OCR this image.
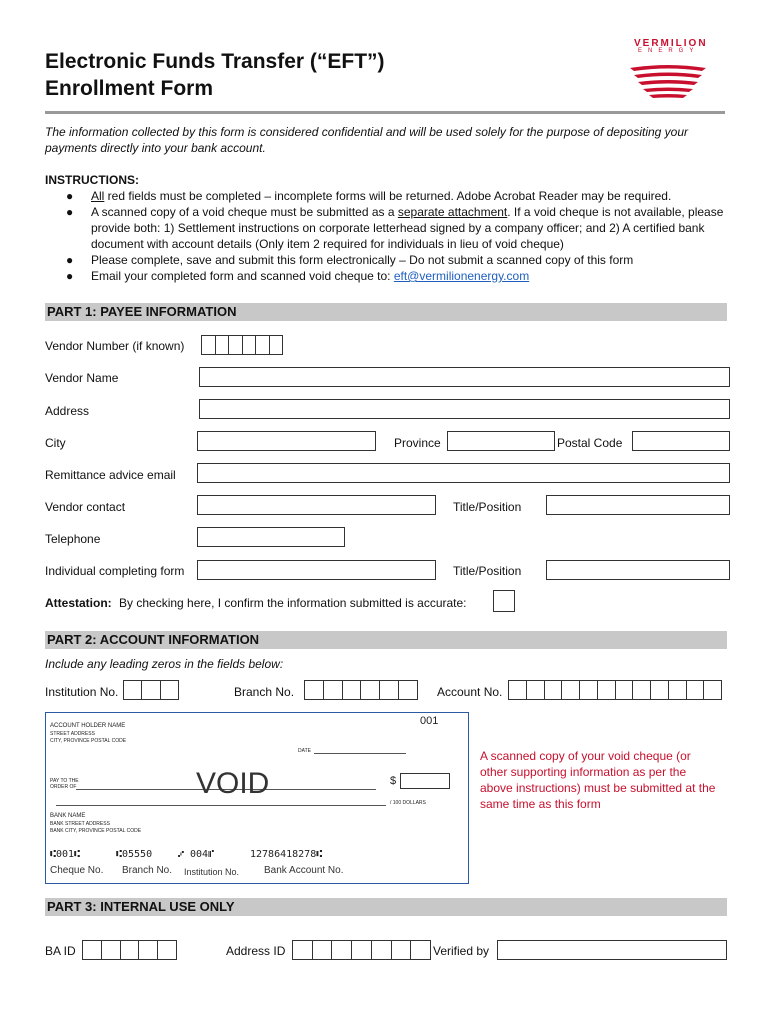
Electronic Funds Transfer (“EFT”)
Enrollment Form
VERMILION
ENERGY
The information collected by this form is considered confidential and will be used solely for the purpose of depositing your payments directly into your bank account.
INSTRUCTIONS:
● All red fields must be completed – incomplete forms will be returned. Adobe Acrobat Reader may be required.
● A scanned copy of a void cheque must be submitted as a separate attachment. If a void cheque is not available, please provide both: 1) Settlement instructions on corporate letterhead signed by a company officer; and 2) A certified bank document with account details (Only item 2 required for individuals in lieu of void cheque)
● Please complete, save and submit this form electronically – Do not submit a scanned copy of this form
● Email your completed form and scanned void cheque to: eft@vermilionenergy.com
PART 1: PAYEE INFORMATION
Vendor Number (if known)
Vendor Name
Address
City	Province	Postal Code
Remittance advice email
Vendor contact	Title/Position
Telephone
Individual completing form	Title/Position
Attestation: By checking here, I confirm the information submitted is accurate:
PART 2: ACCOUNT INFORMATION
Include any leading zeros in the fields below:
Institution No.	Branch No.	Account No.
001
ACCOUNT HOLDER NAME
STREET ADDRESS
CITY, PROVINCE POSTAL CODE
DATE
PAY TO THE
ORDER OF	VOID	$
/ 100 DOLLARS
BANK NAME
BANK STREET ADDRESS
BANK CITY, PROVINCE POSTAL CODE
⑆001⑆	⑆05550	⑇ 004⑈	12786418278⑆
Cheque No. Branch No. Institution No. Bank Account No.
A scanned copy of your void cheque (or other supporting information as per the above instructions) must be submitted at the same time as this form
PART 3: INTERNAL USE ONLY
BA ID	Address ID	Verified by
